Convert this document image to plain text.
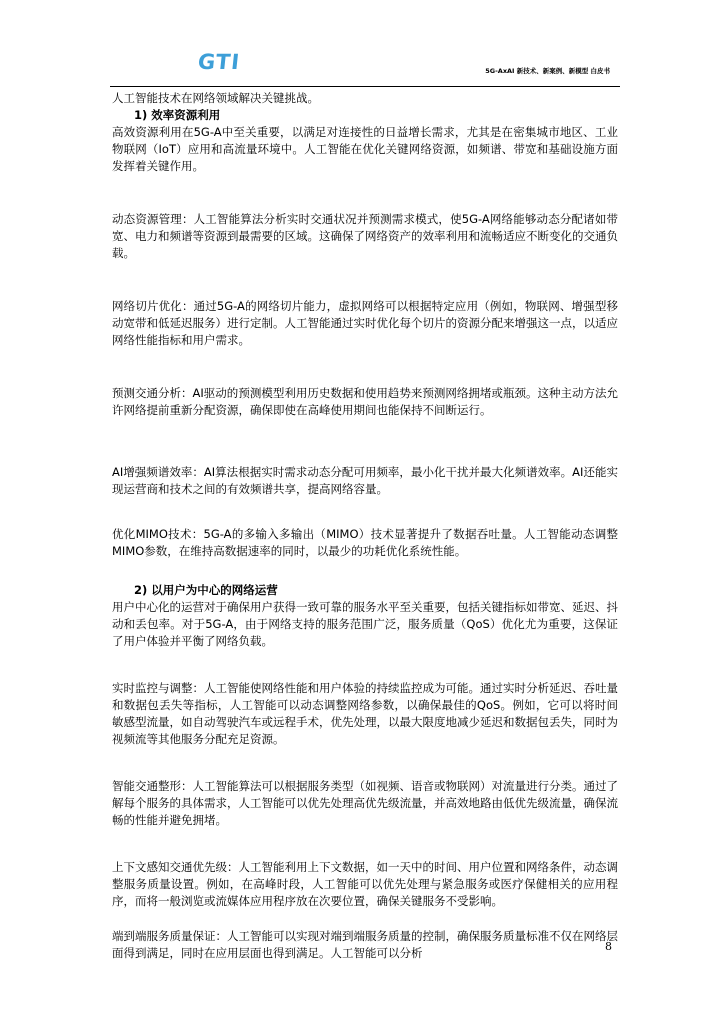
GTI	5G-AxAI 新技术、新案例、新模型 白皮书

人工智能技术在网络领域解决关键挑战。

1) 效率资源利用

高效资源利用在5G-A中至关重要，以满足对连接性的日益增长需求，尤其是在密集城市地区、工业物联网（IoT）应用和高流量环境中。人工智能在优化关键网络资源，如频谱、带宽和基础设施方面发挥着关键作用。

动态资源管理：人工智能算法分析实时交通状况并预测需求模式，使5G-A网络能够动态分配诸如带宽、电力和频谱等资源到最需要的区域。这确保了网络资产的效率利用和流畅适应不断变化的交通负载。

网络切片优化：通过5G-A的网络切片能力，虚拟网络可以根据特定应用（例如，物联网、增强型移动宽带和低延迟服务）进行定制。人工智能通过实时优化每个切片的资源分配来增强这一点，以适应网络性能指标和用户需求。

预测交通分析：AI驱动的预测模型利用历史数据和使用趋势来预测网络拥堵或瓶颈。这种主动方法允许网络提前重新分配资源，确保即使在高峰使用期间也能保持不间断运行。

AI增强频谱效率：AI算法根据实时需求动态分配可用频率，最小化干扰并最大化频谱效率。AI还能实现运营商和技术之间的有效频谱共享，提高网络容量。

优化MIMO技术：5G-A的多输入多输出（MIMO）技术显著提升了数据吞吐量。人工智能动态调整MIMO参数，在维持高数据速率的同时，以最少的功耗优化系统性能。

2) 以用户为中心的网络运营

用户中心化的运营对于确保用户获得一致可靠的服务水平至关重要，包括关键指标如带宽、延迟、抖动和丢包率。对于5G-A，由于网络支持的服务范围广泛，服务质量（QoS）优化尤为重要，这保证了用户体验并平衡了网络负载。

实时监控与调整：人工智能使网络性能和用户体验的持续监控成为可能。通过实时分析延迟、吞吐量和数据包丢失等指标，人工智能可以动态调整网络参数，以确保最佳的QoS。例如，它可以将时间敏感型流量，如自动驾驶汽车或远程手术，优先处理，以最大限度地减少延迟和数据包丢失，同时为视频流等其他服务分配充足资源。

智能交通整形：人工智能算法可以根据服务类型（如视频、语音或物联网）对流量进行分类。通过了解每个服务的具体需求，人工智能可以优先处理高优先级流量，并高效地路由低优先级流量，确保流畅的性能并避免拥堵。

上下文感知交通优先级：人工智能利用上下文数据，如一天中的时间、用户位置和网络条件，动态调整服务质量设置。例如，在高峰时段，人工智能可以优先处理与紧急服务或医疗保健相关的应用程序，而将一般浏览或流媒体应用程序放在次要位置，确保关键服务不受影响。

端到端服务质量保证：人工智能可以实现对端到端服务质量的控制，确保服务质量标准不仅在网络层面得到满足，同时在应用层面也得到满足。人工智能可以分析	8
